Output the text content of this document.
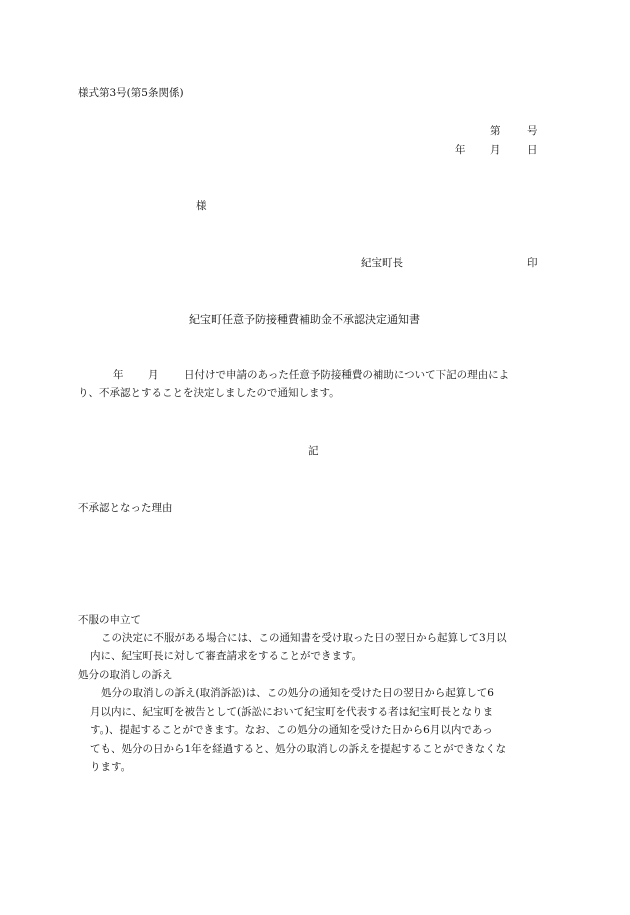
様式第3号(第5条関係)
第	号
年 月	日
様
紀宝町長	印
紀宝町任意予防接種費補助金不承認決定通知書
年 月 日付けで申請のあった任意予防接種費の補助について下記の理由によ
り、不承認とすることを決定しましたので通知します。
記
不承認となった理由
不服の申立て
この決定に不服がある場合には、この通知書を受け取った日の翌日から起算して3月以
内に、紀宝町長に対して審査請求をすることができます。
処分の取消しの訴え
処分の取消しの訴え(取消訴訟)は、この処分の通知を受けた日の翌日から起算して6
月以内に、紀宝町を被告として(訴訟において紀宝町を代表する者は紀宝町長となりま
す。)、提起することができます。なお、この処分の通知を受けた日から6月以内であっ
ても、処分の日から1年を経過すると、処分の取消しの訴えを提起することができなくな
ります。
